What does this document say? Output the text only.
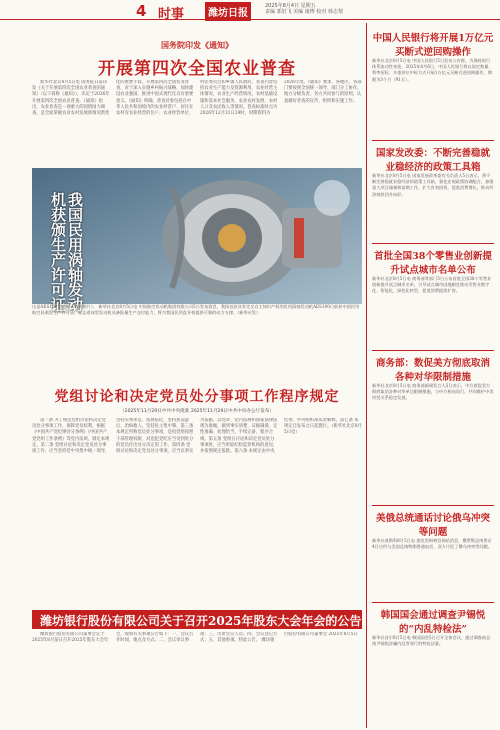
4 时事	潍坊日报
2025年8月4日 星期五
责编 郭旧飞 美编 康博 校对 韩志梨
国务院印发《通知》
开展第四次全国农业普查

新华社北京8月5日电 国务院日前印发《关于开展第四次全国农业普查的通知》（以下简称《通知》），决定于2026年开展第四次全国农业普查。《通知》指出，农业普查是一项重大的国情国力调查，是全面掌握农业农村发展新情况新变化的重要手段。开展第四次全国农业普查，对于深入实施乡村振兴战略、加快建设农业强国、推进中国式现代化具有重要意义。《通知》明确，普查对象包括在中华人民共和国境内的农业经营户、居住在农村有农业经营的住户、农业经营单位、村民委员会和乡镇人民政府。普查内容包括农业生产能力及资源利用、农业经营主体情况、农业生产经营情况、农村基础设施和基本社会服务、农业农村发展、农村人口及农民收入等情况。普查标准时点为2026年12月31日24时，时期资料为2026年度。《通知》要求，各地区、各部门要按照全国统一领导、部门分工协作、地方分级负责、各方共同参与的原则，认真做好普查的宣传、组织和实施工作。

我国民用涡轴发动机获颁生产许可证
这是AES100发动机（资料照片）。 新华社北京8月5日电 中国航空发动机集团有限公司5日发布消息，我国首款具有完全自主知识产权的民用涡轴发动机AES100日前获中国民用航空局颁发生产许可证，标志着该型发动机具备批量生产交付能力，将为我国民用直升机提供可靠的动力支撑。（新华社发）
党组讨论和决定党员处分事项工作程序规定
（2025年11月29日中共中央批准 2025年11月29日中共中央办公厅发布）

第一条 为了规范党组讨论和决定党员处分事项工作，保障党员权利，根据《中国共产党纪律处分条例》《中国共产党党组工作条例》等党内法规，制定本规定。第二条 党组讨论和决定党员处分事项工作，应当坚持党中央集中统一领导，坚持实事求是、依规依纪，坚持惩前毖后、治病救人，坚持民主集中制。第三条 本规定所称党员处分事项，是指党组按照干部管理权限，对违犯党纪应当受到处分的党员作出处分决定的工作。第四条 党组讨论和决定党员处分事项，应当以事实为依据，以党章、党内法规和国家法律法规为准绳，做到事实清楚、证据确凿、定性准确、处理恰当、手续完备、程序合规。第五条 党组在讨论和决定党员处分事项时，应当听取纪检监察机构的意见，并按照规定报批。第六条 本规定由中央纪委、中央组织部负责解释。第七条 本规定自发布之日起施行。（新华社北京8月5日电）

潍坊银行股份有限公司关于召开2025年股东大会年会的公告

潍坊银行股份有限公司董事会定于2025年8月某日召开2025年股东大会年会，现将有关事项公告如下：一、会议召开时间、地点及方式；二、会议审议事项；三、出席会议人员；四、会议登记方式；五、其他事项。特此公告。 潍坊银行股份有限公司董事会 2025年8月5日

中国人民银行将开展1万亿元买断式逆回购操作
新华社北京8月5日电 中国人民银行5日发布公告称，为保持银行体系流动性充裕，2025年8月6日，中国人民银行将以固定数量、利率招标、多重价位中标方式开展1万亿元买断式逆回购操作，期限为3个月（91天）。
国家发改委：不断完善稳就业稳经济的政策工具箱
新华社北京8月5日电 国家发展改革委有关负责人5日表示，将不断完善稳就业稳经济的政策工具箱，强化宏观政策协调配合，加强重大项目储备和前期工作，扩大有效投资，促进消费增长，推动经济持续回升向好。
首批全国38个零售业创新提升试点城市名单公布
新华社北京8月5日电 商务部等部门5日公布首批全国38个零售业创新提升试点城市名单，引导试点城市因地制宜推动零售业数字化、智能化、绿色化转型，促进消费提质扩容。
商务部：数促美方彻底取消各种对华限制措施
新华社北京8月5日电 商务部新闻发言人5日表示，中方敦促美方彻底取消各种对华单边限制措施，与中方相向而行，共同维护中美经贸关系稳定发展。
美俄总统通话讨论俄乌冲突等问题
新华社莫斯科8月5日电 据克里姆林宫网站消息，俄罗斯总统普京4日应约与美国总统特朗普通电话，双方讨论了俄乌冲突等问题。
韩国国会通过调查尹锡悦的“内乱特检法”
新华社首尔8月5日电 韩国国会5日召开全体会议，通过调查前总统尹锡悦涉嫌内乱等罪行的特检法案。
